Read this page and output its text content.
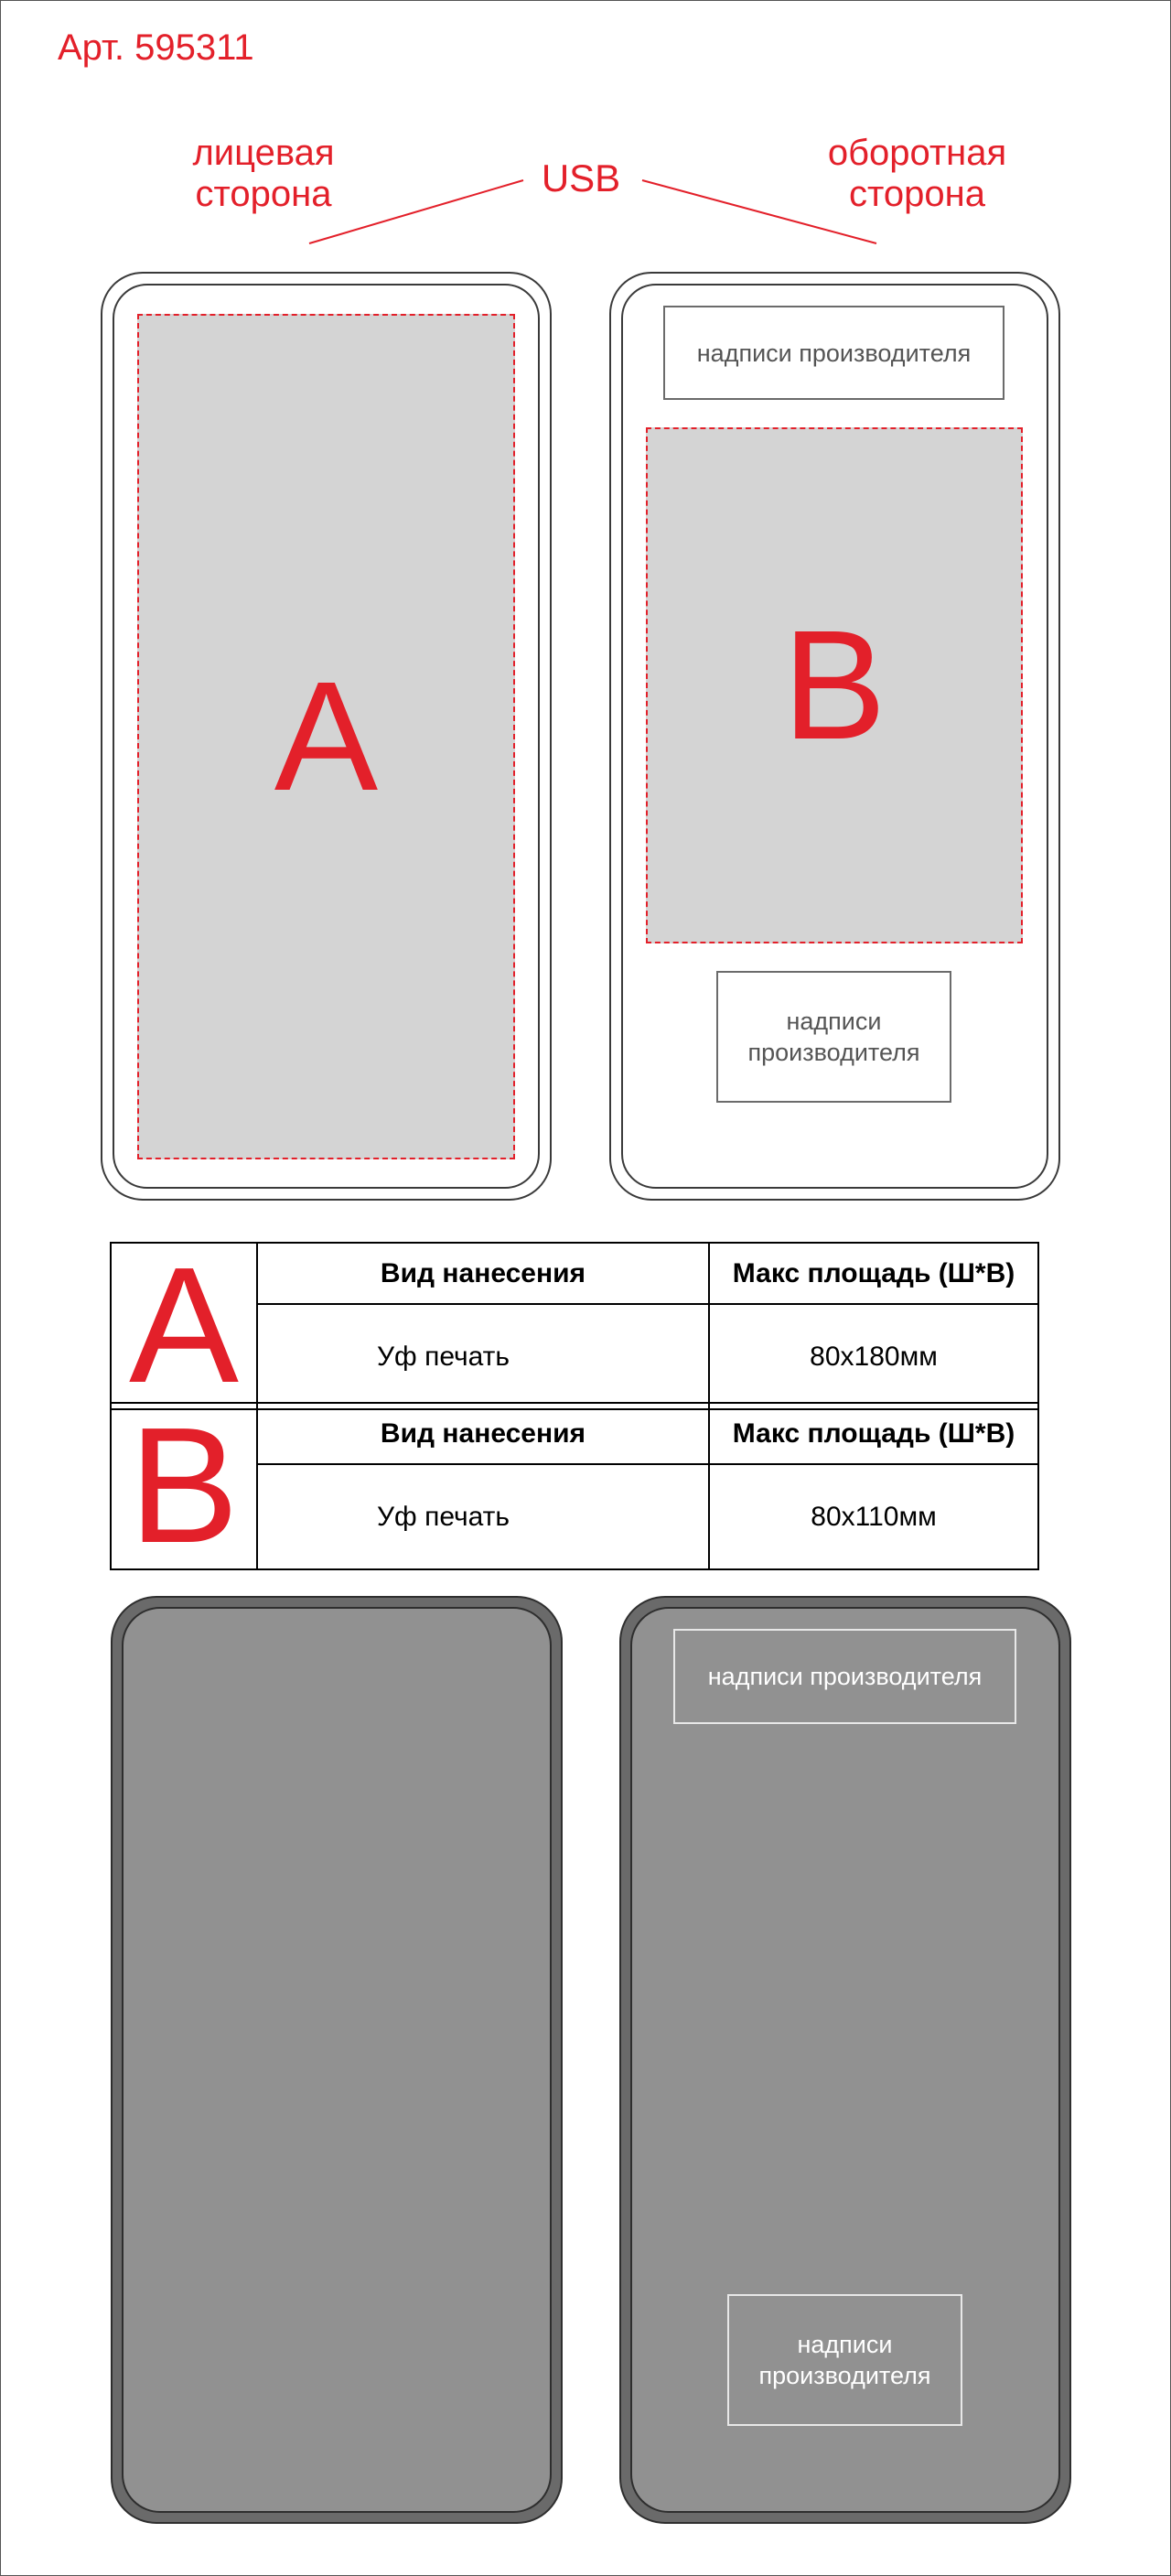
Арт. 595311
лицевая
сторона	USB
оборотная
сторона
A
надписи производителя
B
надписи
производителя
A	Вид нанесения	Макс площадь (Ш*В)
	Уф печать	80x180мм
B	Вид нанесения	Макс площадь (Ш*В)
	Уф печать	80x110мм
надписи производителя
надписи
производителя
